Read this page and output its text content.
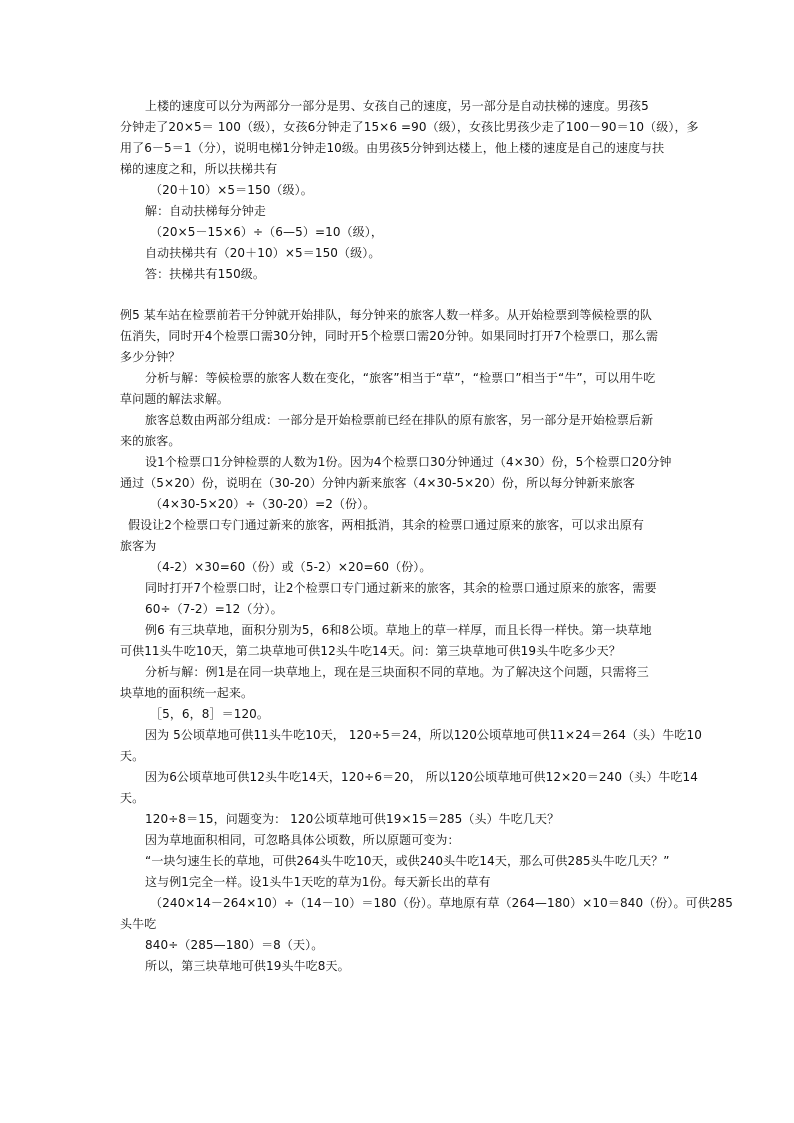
上楼的速度可以分为两部分一部分是男、女孩自己的速度，另一部分是自动扶梯的速度。男孩5
分钟走了20×5＝ 100（级），女孩6分钟走了15×6 =90（级），女孩比男孩少走了100－90＝10（级），多
用了6－5＝1（分），说明电梯1分钟走10级。由男孩5分钟到达楼上，他上楼的速度是自己的速度与扶
梯的速度之和，所以扶梯共有
（20＋10）×5＝150（级）。
解：自动扶梯每分钟走
（20×5－15×6）÷（6—5）=10（级），
自动扶梯共有（20＋10）×5＝150（级）。
答：扶梯共有150级。
例5 某车站在检票前若干分钟就开始排队，每分钟来的旅客人数一样多。从开始检票到等候检票的队
伍消失，同时开4个检票口需30分钟，同时开5个检票口需20分钟。如果同时打开7个检票口，那么需
多少分钟？
分析与解：等候检票的旅客人数在变化，“旅客”相当于“草”，“检票口”相当于“牛”，可以用牛吃
草问题的解法求解。
旅客总数由两部分组成：一部分是开始检票前已经在排队的原有旅客，另一部分是开始检票后新
来的旅客。
设1个检票口1分钟检票的人数为1份。因为4个检票口30分钟通过（4×30）份，5个检票口20分钟
通过（5×20）份，说明在（30-20）分钟内新来旅客（4×30-5×20）份，所以每分钟新来旅客
（4×30-5×20）÷（30-20）=2（份）。
假设让2个检票口专门通过新来的旅客，两相抵消，其余的检票口通过原来的旅客，可以求出原有
旅客为
（4-2）×30=60（份）或（5-2）×20=60（份）。
同时打开7个检票口时，让2个检票口专门通过新来的旅客，其余的检票口通过原来的旅客，需要
60÷（7-2）=12（分）。
例6 有三块草地，面积分别为5，6和8公顷。草地上的草一样厚，而且长得一样快。第一块草地
可供11头牛吃10天，第二块草地可供12头牛吃14天。问：第三块草地可供19头牛吃多少天？
分析与解：例1是在同一块草地上，现在是三块面积不同的草地。为了解决这个问题，只需将三
块草地的面积统一起来。
［5，6，8］＝120。
因为 5公顷草地可供11头牛吃10天， 120÷5＝24，所以120公顷草地可供11×24＝264（头）牛吃10
天。
因为6公顷草地可供12头牛吃14天，120÷6＝20， 所以120公顷草地可供12×20＝240（头）牛吃14
天。
120÷8＝15，问题变为： 120公顷草地可供19×15＝285（头）牛吃几天？
因为草地面积相同，可忽略具体公顷数，所以原题可变为：
“一块匀速生长的草地，可供264头牛吃10天，或供240头牛吃14天，那么可供285头牛吃几天？”
这与例1完全一样。设1头牛1天吃的草为1份。每天新长出的草有
（240×14－264×10）÷（14－10）＝180（份）。草地原有草（264—180）×10＝840（份）。可供285
头牛吃
840÷（285—180）＝8（天）。
所以，第三块草地可供19头牛吃8天。
